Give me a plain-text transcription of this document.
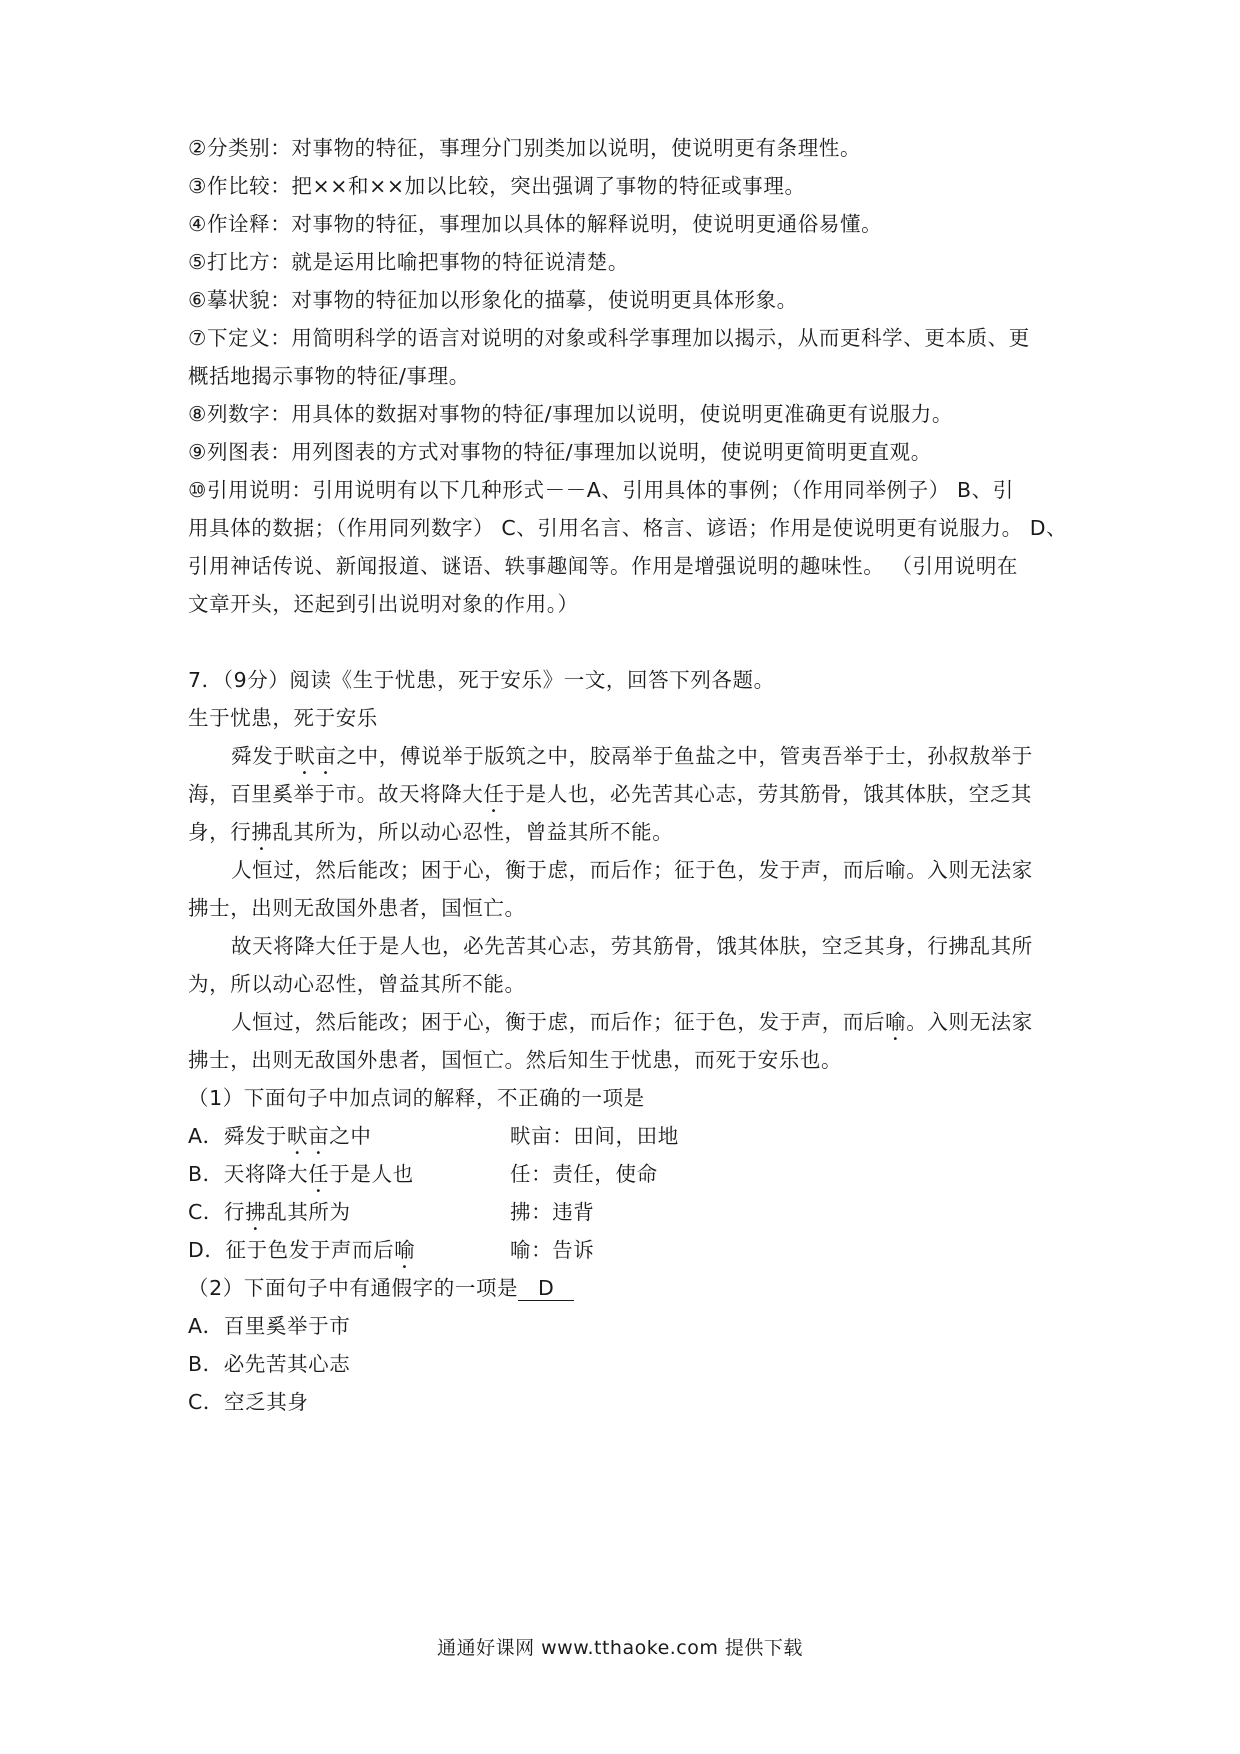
②分类别：对事物的特征，事理分门别类加以说明，使说明更有条理性。
③作比较：把××和××加以比较，突出强调了事物的特征或事理。
④作诠释：对事物的特征，事理加以具体的解释说明，使说明更通俗易懂。
⑤打比方：就是运用比喻把事物的特征说清楚。
⑥摹状貌：对事物的特征加以形象化的描摹，使说明更具体形象。
⑦下定义：用简明科学的语言对说明的对象或科学事理加以揭示，从而更科学、更本质、更
概括地揭示事物的特征/事理。
⑧列数字：用具体的数据对事物的特征/事理加以说明，使说明更准确更有说服力。
⑨列图表：用列图表的方式对事物的特征/事理加以说明，使说明更简明更直观。
⑩引用说明：引用说明有以下几种形式－－A、引用具体的事例；（作用同举例子） B、引
用具体的数据；（作用同列数字） C、引用名言、格言、谚语；作用是使说明更有说服力。 D、
引用神话传说、新闻报道、谜语、轶事趣闻等。作用是增强说明的趣味性。 （引用说明在
文章开头，还起到引出说明对象的作用。）
7．（9分）阅读《生于忧患，死于安乐》一文，回答下列各题。
生于忧患，死于安乐
舜发于畎亩之中，傅说举于版筑之中，胶鬲举于鱼盐之中，管夷吾举于士，孙叔敖举于
海，百里奚举于市。故天将降大任于是人也，必先苦其心志，劳其筋骨，饿其体肤，空乏其
身，行拂乱其所为，所以动心忍性，曾益其所不能。
人恒过，然后能改；困于心，衡于虑，而后作；征于色，发于声，而后喻。入则无法家
拂士，出则无敌国外患者，国恒亡。
故天将降大任于是人也，必先苦其心志，劳其筋骨，饿其体肤，空乏其身，行拂乱其所
为，所以动心忍性，曾益其所不能。
人恒过，然后能改；困于心，衡于虑，而后作；征于色，发于声，而后喻。入则无法家
拂士，出则无敌国外患者，国恒亡。然后知生于忧患，而死于安乐也。
（1）下面句子中加点词的解释，不正确的一项是
A．舜发于畎亩之中	畎亩：田间，田地
B．天将降大任于是人也	任：责任，使命
C．行拂乱其所为	拂：违背
D．征于色发于声而后喻	喻：告诉
（2）下面句子中有通假字的一项是 D
A．百里奚举于市
B．必先苦其心志
C．空乏其身
通通好课网 www.tthaoke.com 提供下载
